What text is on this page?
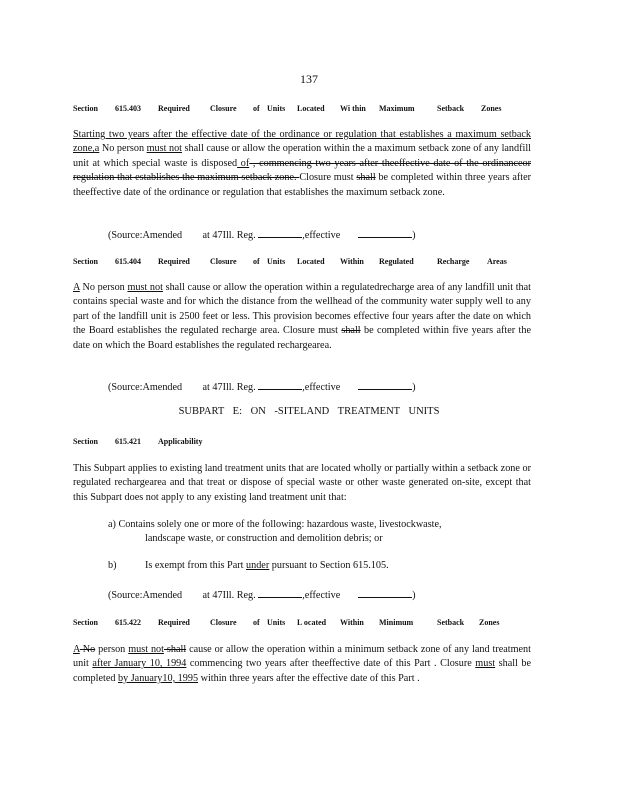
137
Section 615.403 Required	Closure of Units Located Wi thin Maximum	Setback Zones
Starting two years after the effective date of the ordinance or regulation that establishes a maximum setback zone,a No person must not shall cause or allow the operation within the a maximum setback zone of any landfill unit at which special waste is disposed of , commencing two years after theeffective date of the ordinanceor regulation that establishes the maximum setback zone. Closure must shall be completed within three years after theeffective date of the ordinance or regulation that establishes the maximum setback zone.
(Source:Amended at 47Ill. Reg.	,effective	)
Section 615.404 Required	Closure of Units Located Within Regulated	Recharge Areas
A No person must not shall cause or allow the operation within a regulatedrecharge area of any landfill unit that contains special waste and for which the distance from the wellhead of the community water supply well to any part of the landfill unit is 2500 feet or less. This provision becomes effective four years after the date on which the Board establishes the regulated recharge area. Closure must shall be completed within five years after the date on which the Board establishes the regulated rechargearea.
(Source:Amended at 47Ill. Reg.	,effective	)
SUBPART E: ON -SITELAND TREATMENT UNITS
Section 615.421 Applicability
This Subpart applies to existing land treatment units that are located wholly or partially within a setback zone or regulated rechargearea and that treat or dispose of special waste or other waste generated on-site, except that this Subpart does not apply to any existing land treatment unit that:
a) Contains solely one or more of the following: hazardous waste, livestockwaste,
landscape waste, or construction and demolition debris; or
b)	Is exempt from this Part under pursuant to Section 615.105.
(Source:Amended at 47Ill. Reg.	,effective	)
Section 615.422 Required	Closure of Units L ocated Within Minimum	Setback Zones
A No person must not shall cause or allow the operation within a minimum setback zone of any land treatment unit after January 10, 1994 commencing two years after theeffective date of this Part . Closure must shall be completed by January10, 1995 within three years after the effective date of this Part .
